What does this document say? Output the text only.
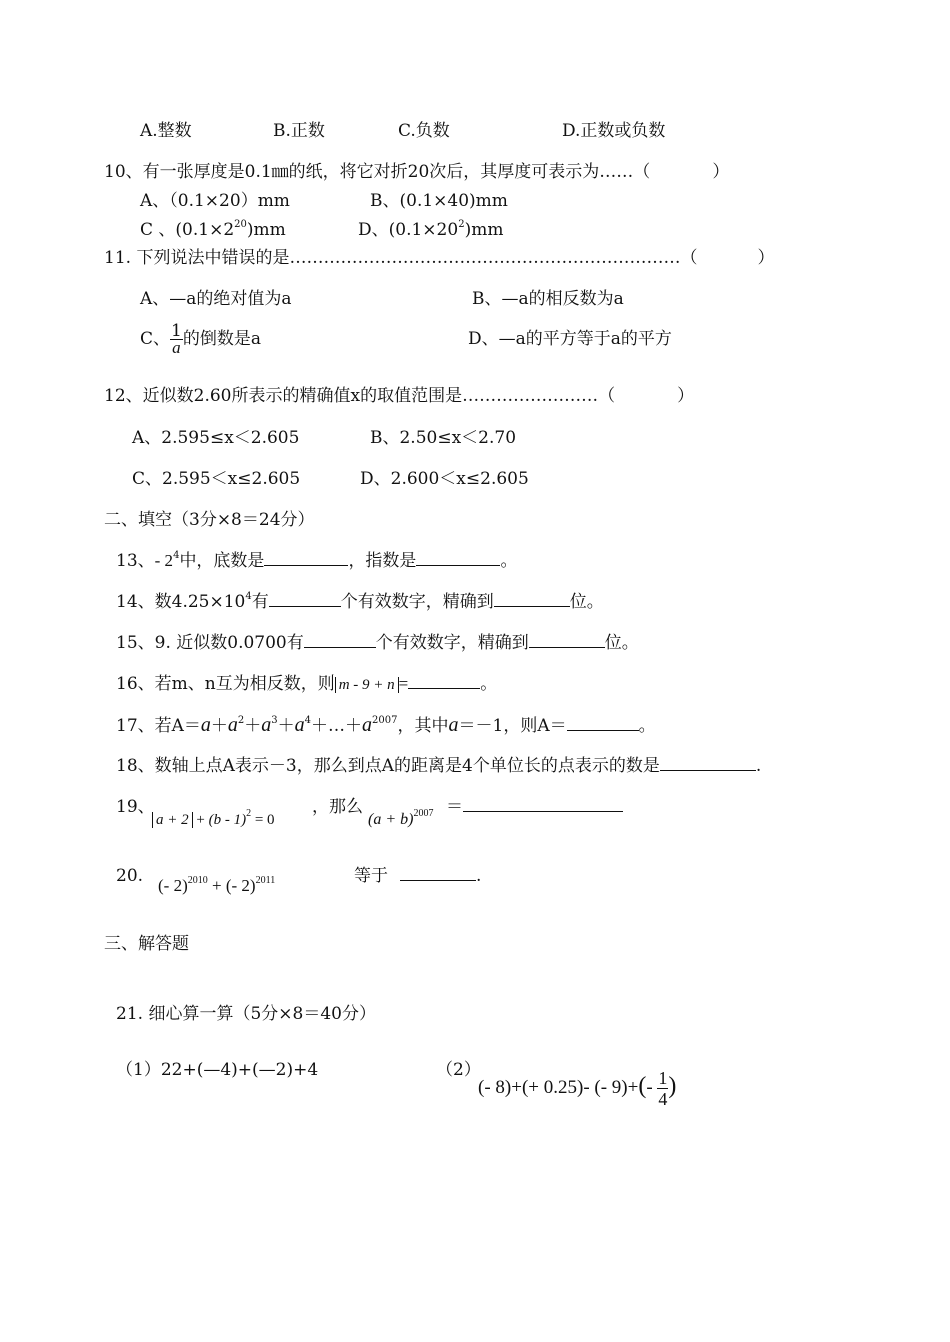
A.整数	B.正数	C.负数	D.正数或负数
10、有一张厚度是0.1㎜的纸，将它对折20次后，其厚度可表示为……（	）
A、（0.1×20）mm	B、(0.1×40)mm
C 、$(0.1\times 2^{20})mm$	D、$(0.1\times 20^2)mm$
11. 下列说法中错误的是……………………………………………………………（	）
A、—a的绝对值为a	B、—a的相反数为a
C、 $\frac{1}{a}$ 的倒数是a	D、—a的平方等于a的平方
12、近似数2.60所表示的精确值x的取值范围是……………………（	）
A、2.595≤x＜2.605	B、2.50≤x＜2.70
C、2.595＜x≤2.605	D、2.600＜x≤2.605
二、填空（3分×8＝24分）
13、- $2^4$中，底数是	，指数是	。
14、数$4.25\times 10^4$有	个有效数字，精确到	位。
15、9. 近似数0.0700有	个有效数字，精确到	位。
16、若m、n互为相反数，则 m - 9 + n =	。
17、若$A=a+a^2+a^3+a^4+\dots+a^{2007}$，其中a＝－1，则A＝	。
18、数轴上点A表示－3，那么到点A的距离是4个单位长的点表示的数是	.
19、
a + 2 + (b - 1)$^2$ = 0
，那么
$(a + b)^{2007}$ ＝
20. (- 2)$^{2010}$ + (- 2)$^{2011}$	等于	.
三、解答题
21. 细心算一算（5分×8＝40分）
（1）22+(—4)+(—2)+4	（2）
(- 8)+(+ 0.25)- (- $9)+(- \frac{1}{4}$ )
